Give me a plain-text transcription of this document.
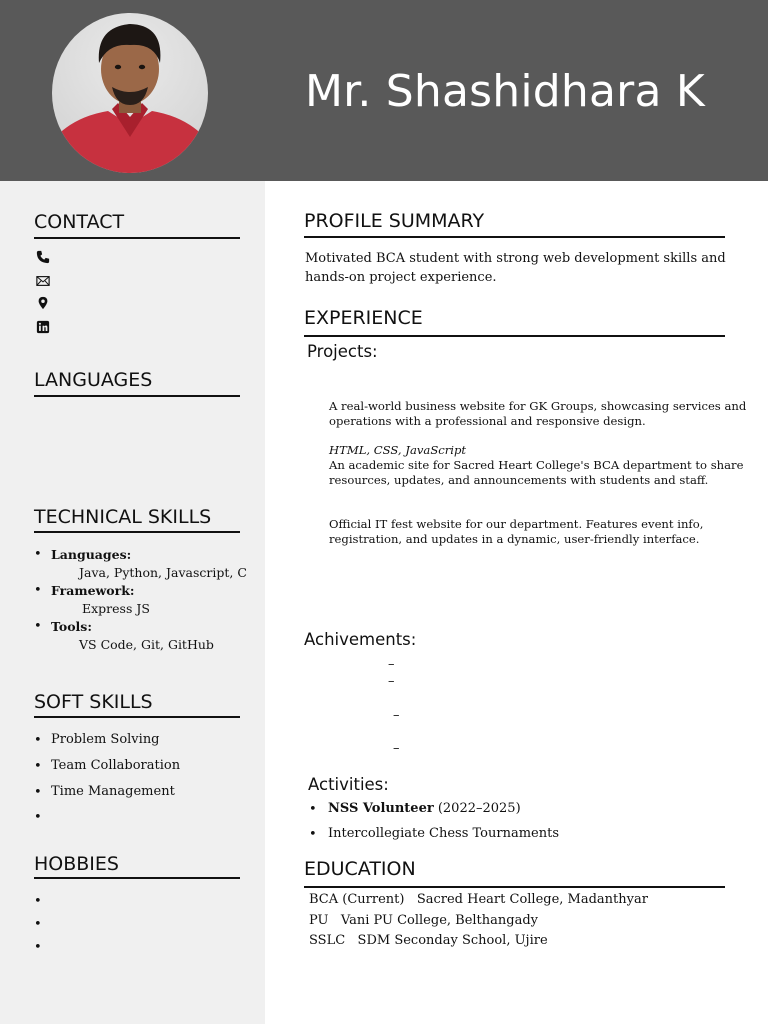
Mr. Shashidhara K
CONTACT
LANGUAGES
TECHNICAL SKILLS
• Languages:
Java, Python, Javascript, C
• Framework:
Express JS
• Tools:
VS Code, Git, GitHub
SOFT SKILLS
• Problem Solving
• Team Collaboration
• Time Management
•
HOBBIES
•
•
•
PROFILE SUMMARY
Motivated BCA student with strong web development skills and
hands-on project experience.
EXPERIENCE
Projects:
A real-world business website for GK Groups, showcasing services and
operations with a professional and responsive design.
HTML, CSS, JavaScript
An academic site for Sacred Heart College's BCA department to share
resources, updates, and announcements with students and staff.
Official IT fest website for our department. Features event info,
registration, and updates in a dynamic, user-friendly interface.
Achivements:
–
–
–
–
Activities:
• NSS Volunteer (2022–2025)
• Intercollegiate Chess Tournaments
EDUCATION
BCA (Current)   Sacred Heart College, Madanthyar
PU   Vani PU College, Belthangady
SSLC   SDM Seconday School, Ujire
